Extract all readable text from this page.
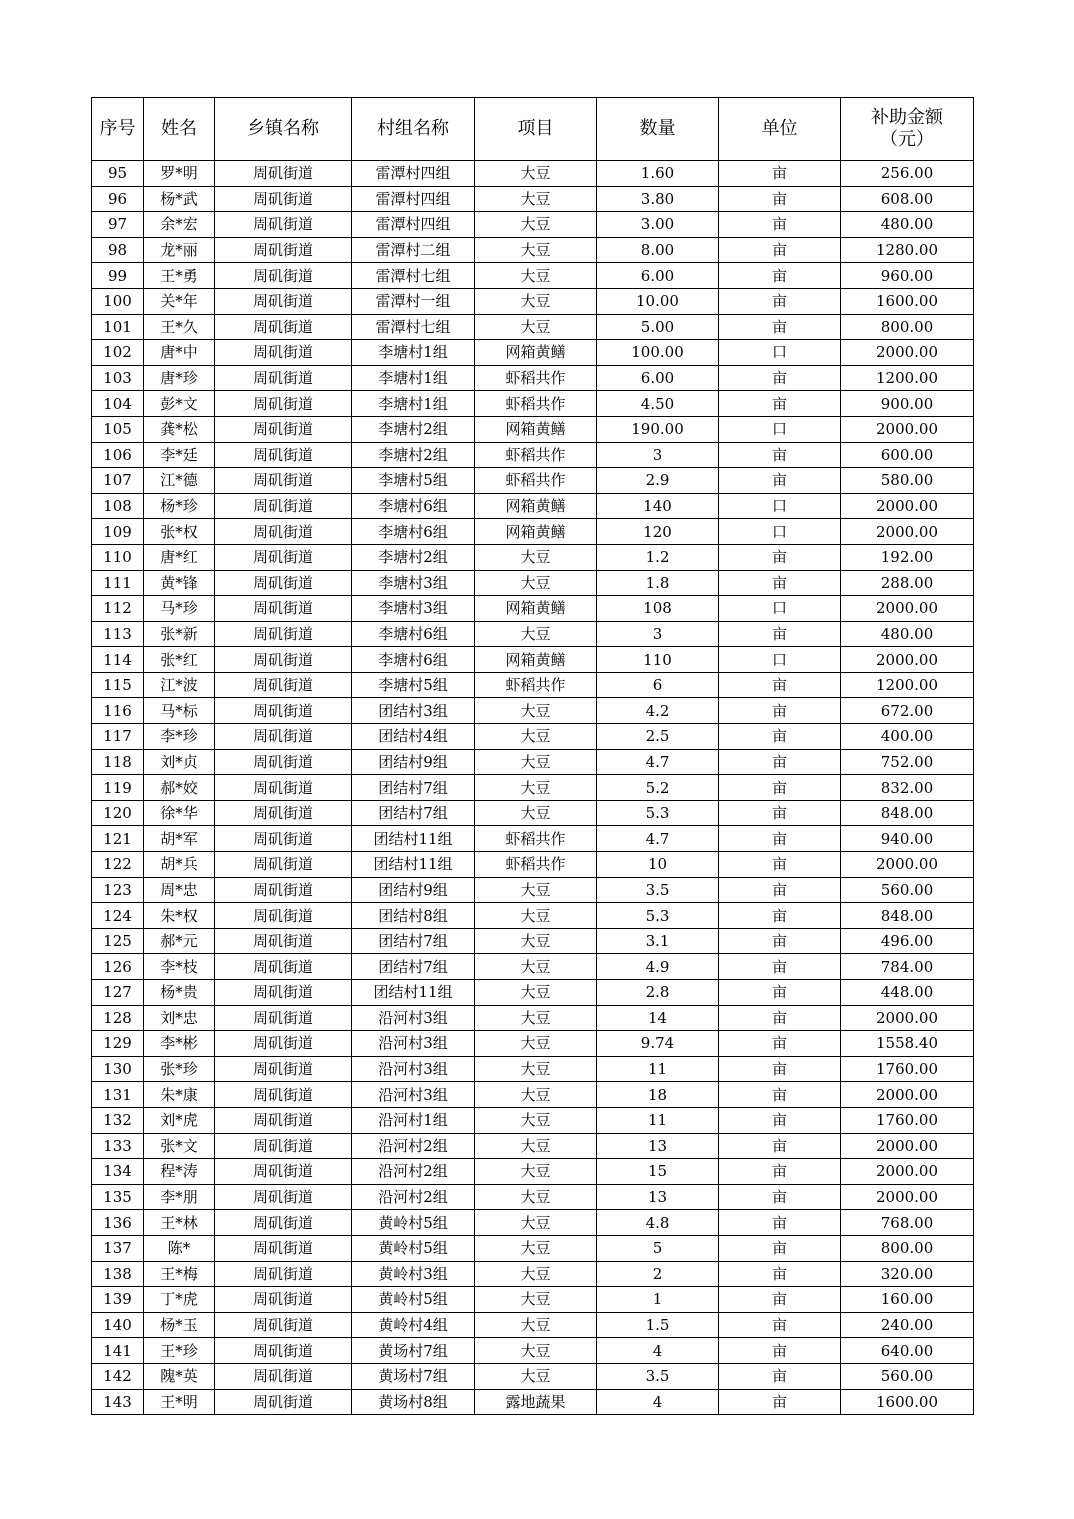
序号	姓名	乡镇名称	村组名称	项目	数量	单位	补助金额
（元）

95	罗*明	周矶街道	雷潭村四组	大豆	1.60	亩	256.00
96	杨*武	周矶街道	雷潭村四组	大豆	3.80	亩	608.00
97	余*宏	周矶街道	雷潭村四组	大豆	3.00	亩	480.00
98	龙*丽	周矶街道	雷潭村二组	大豆	8.00	亩	1280.00
99	王*勇	周矶街道	雷潭村七组	大豆	6.00	亩	960.00
100	关*年	周矶街道	雷潭村一组	大豆	10.00	亩	1600.00
101	王*久	周矶街道	雷潭村七组	大豆	5.00	亩	800.00
102	唐*中	周矶街道	李塘村1组	网箱黄鳝	100.00	口	2000.00
103	唐*珍	周矶街道	李塘村1组	虾稻共作	6.00	亩	1200.00
104	彭*文	周矶街道	李塘村1组	虾稻共作	4.50	亩	900.00
105	龚*松	周矶街道	李塘村2组	网箱黄鳝	190.00	口	2000.00
106	李*廷	周矶街道	李塘村2组	虾稻共作	3	亩	600.00
107	江*德	周矶街道	李塘村5组	虾稻共作	2.9	亩	580.00
108	杨*珍	周矶街道	李塘村6组	网箱黄鳝	140	口	2000.00
109	张*权	周矶街道	李塘村6组	网箱黄鳝	120	口	2000.00
110	唐*红	周矶街道	李塘村2组	大豆	1.2	亩	192.00
111	黄*锋	周矶街道	李塘村3组	大豆	1.8	亩	288.00
112	马*珍	周矶街道	李塘村3组	网箱黄鳝	108	口	2000.00
113	张*新	周矶街道	李塘村6组	大豆	3	亩	480.00
114	张*红	周矶街道	李塘村6组	网箱黄鳝	110	口	2000.00
115	江*波	周矶街道	李塘村5组	虾稻共作	6	亩	1200.00
116	马*标	周矶街道	团结村3组	大豆	4.2	亩	672.00
117	李*珍	周矶街道	团结村4组	大豆	2.5	亩	400.00
118	刘*贞	周矶街道	团结村9组	大豆	4.7	亩	752.00
119	郝*姣	周矶街道	团结村7组	大豆	5.2	亩	832.00
120	徐*华	周矶街道	团结村7组	大豆	5.3	亩	848.00
121	胡*军	周矶街道	团结村11组	虾稻共作	4.7	亩	940.00
122	胡*兵	周矶街道	团结村11组	虾稻共作	10	亩	2000.00
123	周*忠	周矶街道	团结村9组	大豆	3.5	亩	560.00
124	朱*权	周矶街道	团结村8组	大豆	5.3	亩	848.00
125	郝*元	周矶街道	团结村7组	大豆	3.1	亩	496.00
126	李*枝	周矶街道	团结村7组	大豆	4.9	亩	784.00
127	杨*贵	周矶街道	团结村11组	大豆	2.8	亩	448.00
128	刘*忠	周矶街道	沿河村3组	大豆	14	亩	2000.00
129	李*彬	周矶街道	沿河村3组	大豆	9.74	亩	1558.40
130	张*珍	周矶街道	沿河村3组	大豆	11	亩	1760.00
131	朱*康	周矶街道	沿河村3组	大豆	18	亩	2000.00
132	刘*虎	周矶街道	沿河村1组	大豆	11	亩	1760.00
133	张*文	周矶街道	沿河村2组	大豆	13	亩	2000.00
134	程*涛	周矶街道	沿河村2组	大豆	15	亩	2000.00
135	李*朋	周矶街道	沿河村2组	大豆	13	亩	2000.00
136	王*林	周矶街道	黄岭村5组	大豆	4.8	亩	768.00
137	陈*	周矶街道	黄岭村5组	大豆	5	亩	800.00
138	王*梅	周矶街道	黄岭村3组	大豆	2	亩	320.00
139	丁*虎	周矶街道	黄岭村5组	大豆	1	亩	160.00
140	杨*玉	周矶街道	黄岭村4组	大豆	1.5	亩	240.00
141	王*珍	周矶街道	黄场村7组	大豆	4	亩	640.00
142	隗*英	周矶街道	黄场村7组	大豆	3.5	亩	560.00
143	王*明	周矶街道	黄场村8组	露地蔬果	4	亩	1600.00
